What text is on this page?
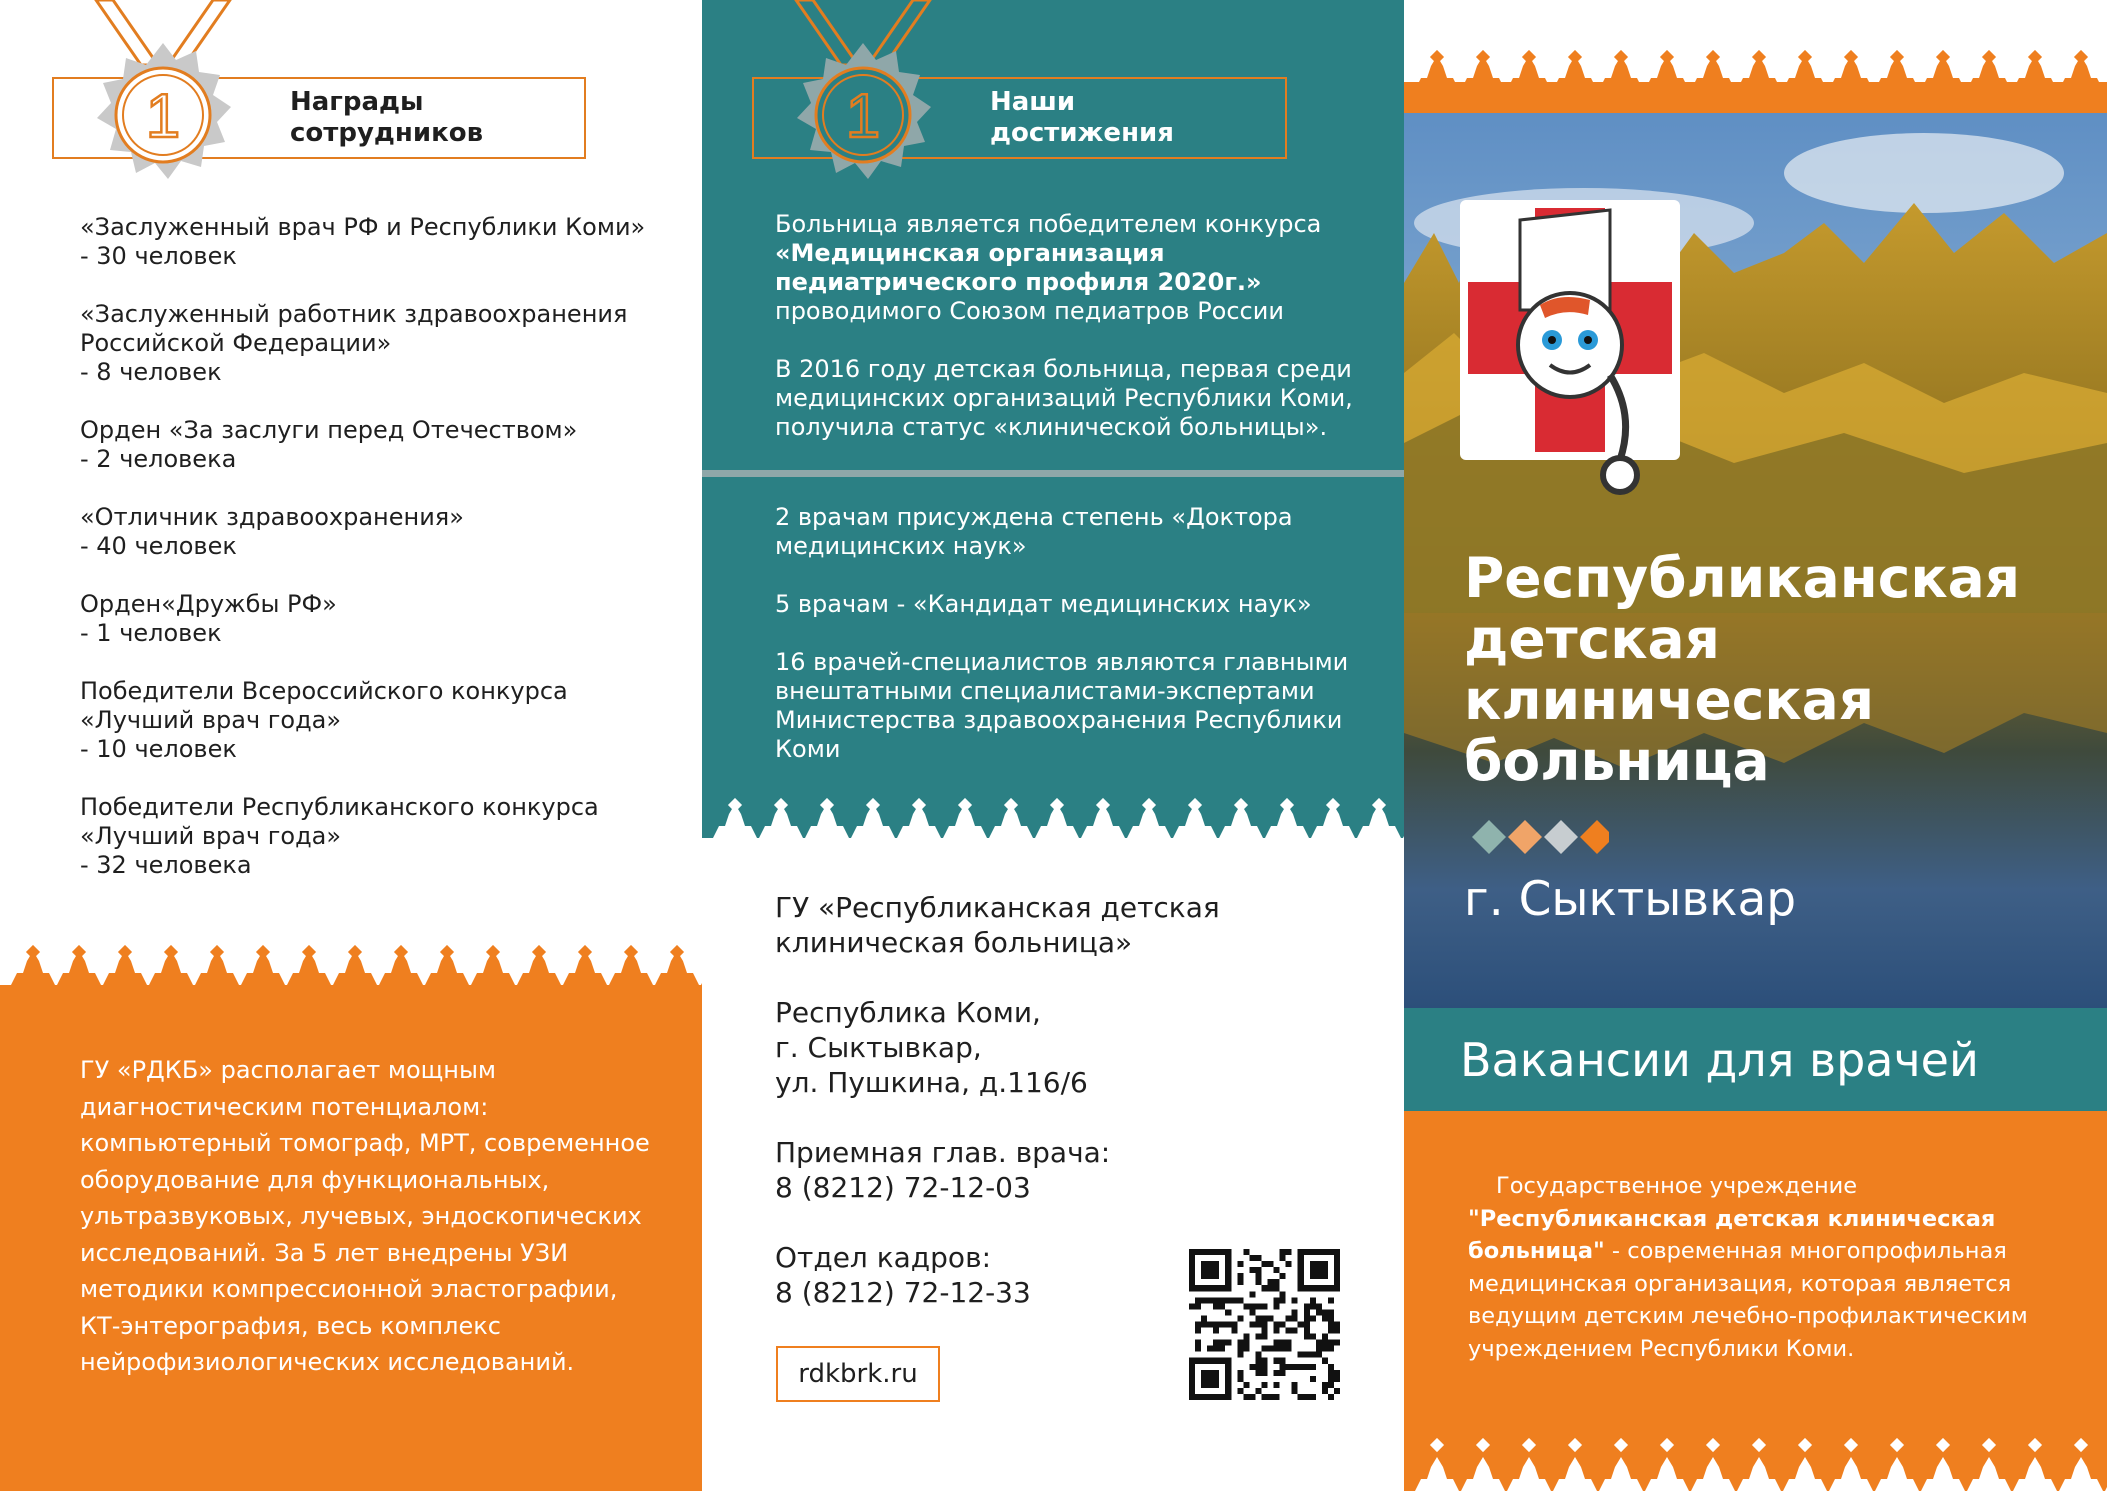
Награды
сотрудников
1
«Заслуженный врач РФ и Республики Коми»
- 30 человек
«Заслуженный работник здравоохранения Российской Федерации»
- 8 человек
Орден «За заслуги перед Отечеством»
- 2 человека
«Отличник здравоохранения»
- 40 человек
Орден«Дружбы РФ»
- 1 человек
Победители Всероссийского конкурса «Лучший врач года»
- 10 человек
Победители Республиканского конкурса «Лучший врач года»
- 32 человека
ГУ «РДКБ» располагает мощным диагностическим потенциалом: компьютерный томограф, МРТ, современное оборудование для функциональных, ультразвуковых, лучевых, эндоскопических исследований. За 5 лет внедрены УЗИ методики компрессионной эластографии, КТ-энтерография, весь комплекс нейрофизиологических исследований.
Наши
достижения
1

Больница является победителем конкурса «Медицинская организация педиатрического профиля 2020г.» проводимого Союзом педиатров России

В 2016 году детская больница, первая среди медицинских организаций Республики Коми, получила статус «клинической больницы».

2 врачам присуждена степень «Доктора медицинских наук»

5 врачам - «Кандидат медицинских наук»

16 врачей-специалистов являются главными внештатными специалистами-экспертами Министерства здравоохранения Республики Коми

ГУ «Республиканская детская
клиническая больница»

Республика Коми,
г. Сыктывкар,
ул. Пушкина, д.116/6

Приемная глав. врача:
8 (8212) 72-12-03

Отдел кадров:
8 (8212) 72-12-33

rdkbrk.ru
Республиканская
детская
клиническая
больница
г. Сыктывкар
Вакансии для врачей
Государственное учреждение "Республиканская детская клиническая больница" - современная многопрофильная медицинская организация, которая является ведущим детским лечебно-профилактическим учреждением Республики Коми.
